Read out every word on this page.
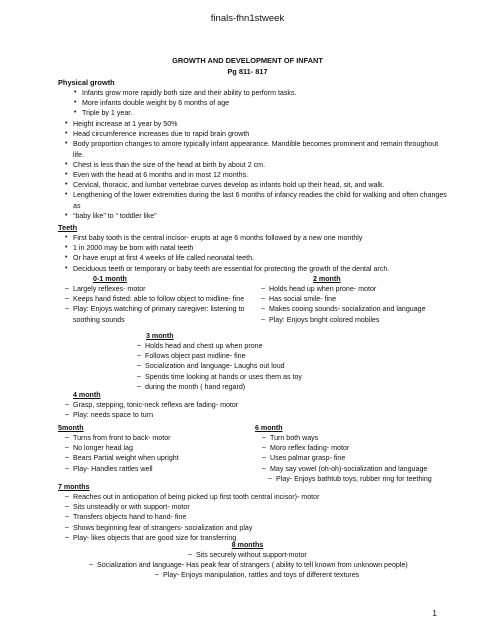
finals-fhn1stweek
GROWTH AND DEVELOPMENT OF INFANT
Pg 811- 817
Physical growth
• Infants grow more rapidly both size and their ability to perform tasks.
• More infants double weight by 6 months of age
• Triple by 1 year.
• Height increase at 1 year by 50%
• Head circumference increases due to rapid brain growth
• Body proportion changes to amore typically infant appearance. Mandible becomes prominent and remain throughout life.
• Chest is less than the size of the head at birth by about 2 cm.
• Even with the head at 6 months and in most 12 months.
• Cervical, thoracic, and lumbar vertebrae curves develop as infants hold up their head, sit, and walk.
• Lengthening of the lower extremities during the last 6 months of infancy readies the child for walking and often changes as
• “baby like” to “ toddler like”
Teeth
• First baby tooth is the central incisor- erupts at age 6 months followed by a new one monthly
• 1 in 2000 may be born with natal teeth
• Or have erupt at first 4 weeks of life called neonatal teeth.
• Deciduous teeth or temporary or baby teeth are essential for protecting the growth of the dental arch.
0-1 month
– Largely reflexes- motor
– Keeps hand fisted: able to follow object to midline- fine
– Play: Enjoys watching of primary caregiver: listening to soothing sounds
2 month
– Holds head up when prone- motor
– Has social smile- fine
– Makes cooing sounds- socialization and language
– Play: Enjoys bright colored mobiles
3 month
– Holds head and chest up when prone
– Follows object past midline- fine
– Socialization and language- Laughs out loud
– Spends time looking at hands or uses them as toy
– during the month ( hand regard)
4 month
– Grasp, stepping, tonic-neck reflexs are fading- motor
– Play: needs space to turn
5month
– Turns from front to back- motor
– No longer head lag
– Bears Partial weight when upright
– Play- Handles rattles well
6 month
– Turn both ways
– Moro reflex fading- motor
– Uses palmar grasp- fine
– May say vowel (oh-oh)-socialization and language
– Play- Enjoys bathtub toys, rubber ring for teething
7 months
– Reaches out in anticipation of being picked up first tooth central incisor)- motor
– Sits unsteadily or with support- motor
– Transfers objects hand to hand- fine
– Shows beginning fear of strangers- socialization and play
– Play- likes objects that are good size for transferring
8 months
– Sits securely without support-motor
– Socialization and language- Has peak fear of strangers ( ability to tell known from unknown people)
– Play- Enjoys manipulation, rattles and toys of different textures
1
